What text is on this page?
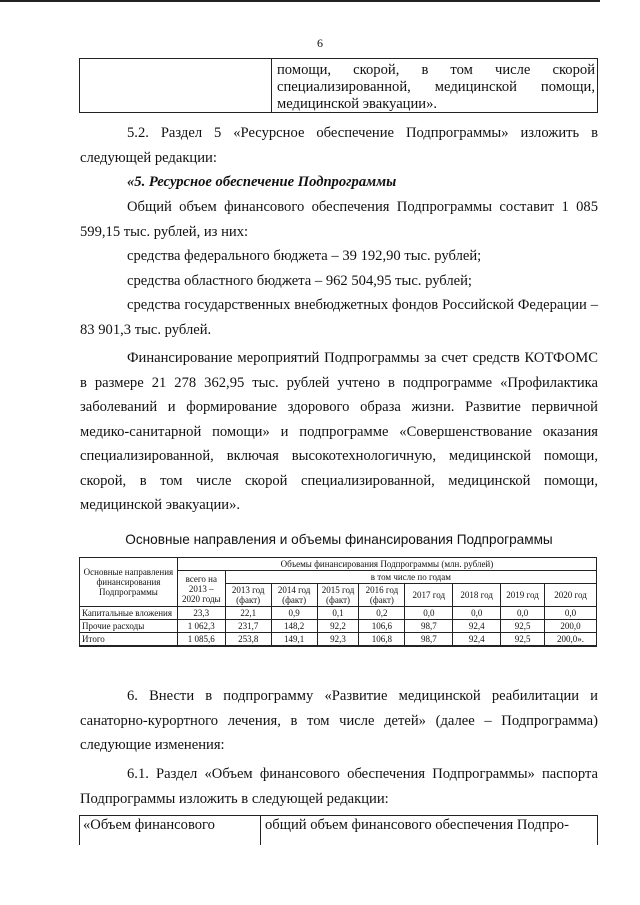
6
помощи, скорой, в том числе скорой специализированной, медицинской помощи, медицинской эвакуации».
5.2. Раздел 5 «Ресурсное обеспечение Подпрограммы» изложить в следующей редакции:
«5. Ресурсное обеспечение Подпрограммы
Общий объем финансового обеспечения Подпрограммы составит 1 085 599,15 тыс. рублей, из них:
средства федерального бюджета – 39 192,90 тыс. рублей;
средства областного бюджета – 962 504,95 тыс. рублей;
средства государственных внебюджетных фондов Российской Федерации – 83 901,3 тыс. рублей.
Финансирование мероприятий Подпрограммы за счет средств КОТФОМС в размере 21 278 362,95 тыс. рублей учтено в подпрограмме «Профилактика заболеваний и формирование здорового образа жизни. Развитие первичной медико-санитарной помощи» и подпрограмме «Совершенствование оказания специализированной, включая высокотехнологичную, медицинской помощи, скорой, в том числе скорой специализированной, медицинской помощи, медицинской эвакуации».
Основные направления и объемы финансирования Подпрограммы
Основные направления финансирования Подпрограммы	Объемы финансирования Подпрограммы (млн. рублей)								
	всего на 2013 – 2020 годы	в том числе по годам							
		2013 год (факт)	2014 год (факт)	2015 год (факт)	2016 год (факт)	2017 год	2018 год	2019 год	2020 год
Капитальные вложения	23,3	22,1	0,9	0,1	0,2	0,0	0,0	0,0	0,0
Прочие расходы	1 062,3	231,7	148,2	92,2	106,6	98,7	92,4	92,5	200,0
Итого	1 085,6	253,8	149,1	92,3	106,8	98,7	92,4	92,5	200,0».
6. Внести в подпрограмму «Развитие медицинской реабилитации и санаторно-курортного лечения, в том числе детей» (далее – Подпрограмма) следующие изменения:
6.1. Раздел «Объем финансового обеспечения Подпрограммы» паспорта Подпрограммы изложить в следующей редакции:
«Объем финансового	общий объем финансового обеспечения Подпро-
